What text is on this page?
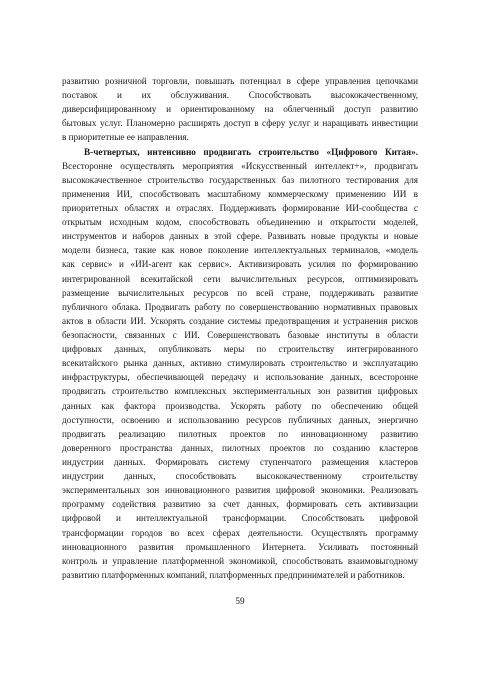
развитию розничной торговли, повышать потенциал в сфере управления цепочками
поставок и их обслуживания. Способствовать высококачественному,
диверсифицированному и ориентированному на облегченный доступ развитию
бытовых услуг. Планомерно расширять доступ в сферу услуг и наращивать инвестиции
в приоритетные ее направления.
В-четвертых, интенсивно продвигать строительство «Цифрового Китая».
Всесторонне осуществлять мероприятия «Искусственный интеллект+», продвигать
высококачественное строительство государственных баз пилотного тестирования для
применения ИИ, способствовать масштабному коммерческому применению ИИ в
приоритетных областях и отраслях. Поддерживать формирование ИИ-сообщества с
открытым исходным кодом, способствовать объединению и открытости моделей,
инструментов и наборов данных в этой сфере. Развивать новые продукты и новые
модели бизнеса, такие как новое поколение интеллектуальных терминалов, «модель
как сервис» и «ИИ-агент как сервис». Активизировать усилия по формированию
интегрированной всекитайской сети вычислительных ресурсов, оптимизировать
размещение вычислительных ресурсов по всей стране, поддерживать развитие
публичного облака. Продвигать работу по совершенствованию нормативных правовых
актов в области ИИ. Ускорять создание системы предотвращения и устранения рисков
безопасности, связанных с ИИ. Совершенствовать базовые институты в области
цифровых данных, опубликовать меры по строительству интегрированного
всекитайского рынка данных, активно стимулировать строительство и эксплуатацию
инфраструктуры, обеспечивающей передачу и использование данных, всесторонне
продвигать строительство комплексных экспериментальных зон развития цифровых
данных как фактора производства. Ускорять работу по обеспечению общей
доступности, освоению и использованию ресурсов публичных данных, энергично
продвигать реализацию пилотных проектов по инновационному развитию
доверенного пространства данных, пилотных проектов по созданию кластеров
индустрии данных. Формировать систему ступенчатого размещения кластеров
индустрии данных, способствовать высококачественному строительству
экспериментальных зон инновационного развития цифровой экономики. Реализовать
программу содействия развитию за счет данных, формировать сеть активизации
цифровой и интеллектуальной трансформации. Способствовать цифровой
трансформации городов во всех сферах деятельности. Осуществлять программу
инновационного развития промышленного Интернета. Усиливать постоянный
контроль и управление платформенной экономикой, способствовать взаимовыгодному
развитию платформенных компаний, платформенных предпринимателей и работников.
59
